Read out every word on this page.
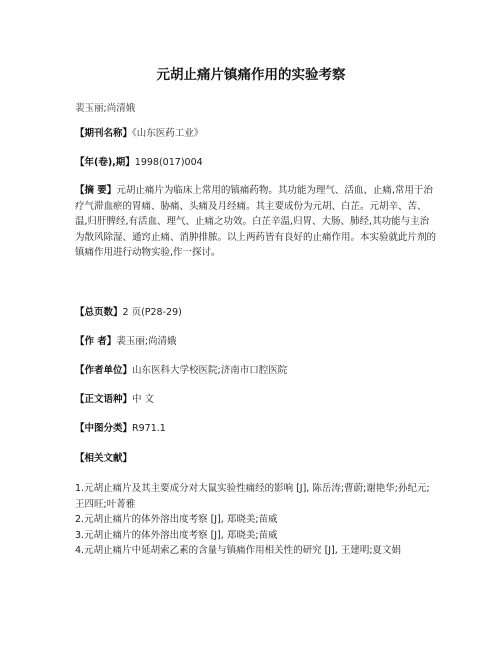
元胡止痛片镇痛作用的实验考察
裴玉丽;尚清娥
【期刊名称】《山东医药工业》
【年(卷),期】1998(017)004
【摘 要】元胡止痛片为临床上常用的镇痛药物。其功能为理气、活血、止痛,常用于治疗气滞血瘀的胃痛、胁痛、头痛及月经痛。其主要成份为元胡、白芷。元胡辛、苦、温,归肝脾经,有活血、理气、止痛之功效。白芷辛温,归胃、大肠、肺经,其功能与主治为散风除湿、通窍止痛、消肿排脓。以上两药皆有良好的止痛作用。本实验就此片剂的镇痛作用进行动物实验,作一探讨。
【总页数】2 页(P28-29)
【作 者】裴玉丽;尚清娥
【作者单位】山东医科大学校医院;济南市口腔医院
【正文语种】中 文
【中图分类】R971.1
【相关文献】
1.元胡止痛片及其主要成分对大鼠实验性痛经的影响 [J], 陈岳涛;曹蔚;谢艳华;孙纪元;王四旺;叶菁雅
2.元胡止痛片的体外溶出度考察 [J], 郑晓美;苗威
3.元胡止痛片的体外溶出度考察 [J], 郑晓美;苗威
4.元胡止痛片中延胡索乙素的含量与镇痛作用相关性的研究 [J], 王建明;夏文娟
